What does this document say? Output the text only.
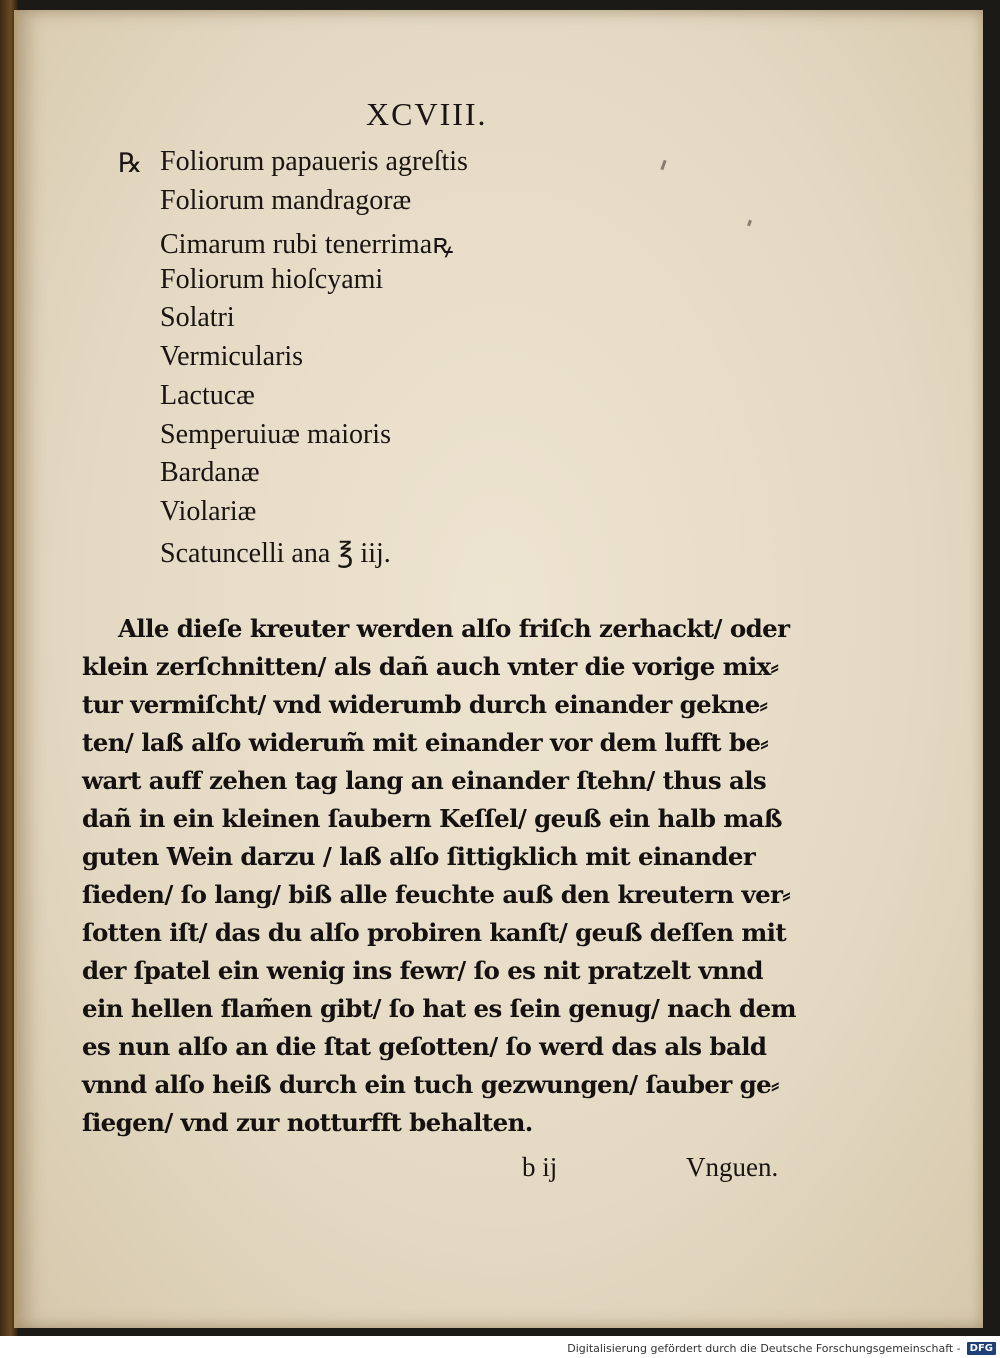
XCVIII.
℞ Foliorum papaueris agreſtis
Foliorum mandragoræ
Cimarum rubi tenerrimaꝶ
Foliorum hioſcyami
Solatri
Vermicularis
Lactucæ
Semperuiuæ maioris
Bardanæ
Violariæ
Scatuncelli ana ℥ iij.
Alle dieſe kreuter werden alſo friſch zerhackt/ oder
klein zerſchnitten/ als dañ auch vnter die vorige mix⸗
tur vermiſcht/ vnd widerumb durch einander gekne⸗
ten/ laß alſo widerum̃ mit einander vor dem lufft be⸗
wart auff zehen tag lang an einander ſtehn/ thus als
dañ in ein kleinen ſaubern Keſſel/ geuß ein halb maß
guten Wein darzu / laß alſo ſittigklich mit einander
ſieden/ ſo lang/ biß alle feuchte auß den kreutern ver⸗
ſotten iſt/ das du alſo probiren kanſt/ geuß deſſen mit
der ſpatel ein wenig ins fewr/ ſo es nit pratzelt vnnd
ein hellen flam̃en gibt/ ſo hat es ſein genug/ nach dem
es nun alſo an die ſtat geſotten/ ſo werd das als bald
vnnd alſo heiß durch ein tuch gezwungen/ ſauber ge⸗
ſiegen/ vnd zur notturfft behalten.
b ij	Vnguen.
Digitalisierung gefördert durch die Deutsche Forschungsgemeinschaft - DFG
